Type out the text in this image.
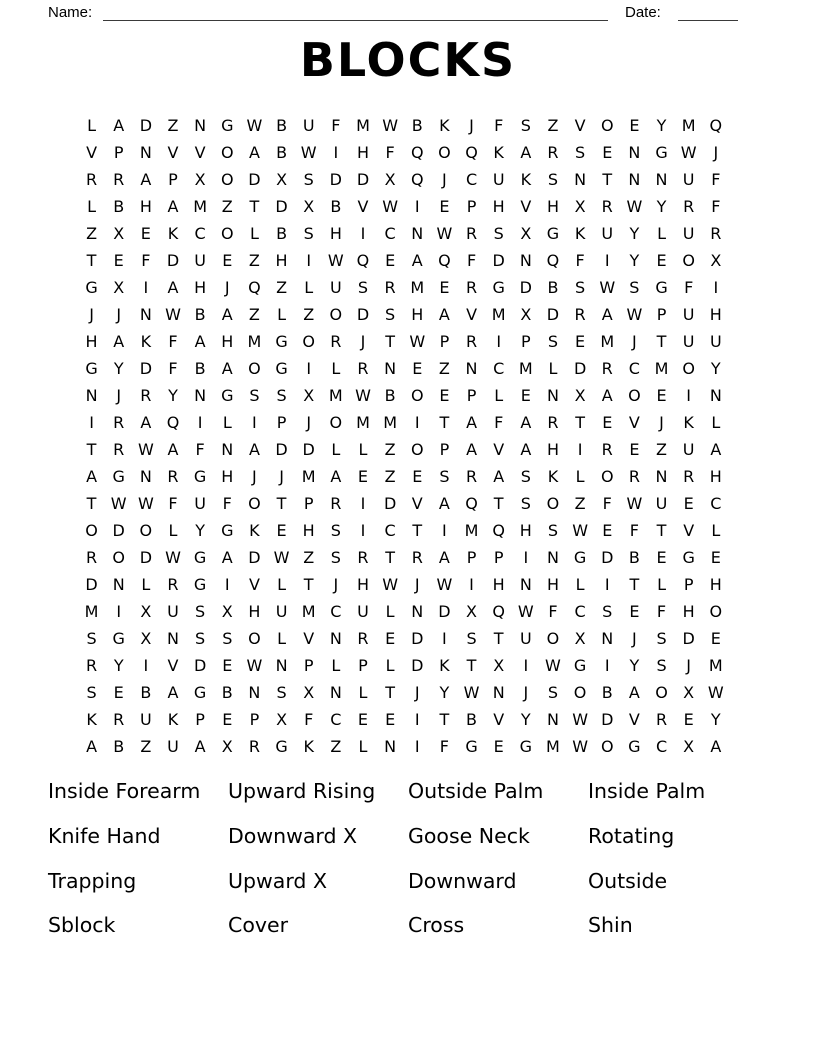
Name:	Date:
BLOCKS
L	A D Z N G W B U	F M W B	K	J	F	S	Z	V O E	Y M Q
V	P	N V	V O A	B W	I	H	F	Q O Q K	A	R	S	E	N G W	J
R	R	A	P	X O D X	S D D X Q	J	C U	K	S	N	T	N N U	F
L	B H A M Z	T	D X	B	V W	I	E	P	H V H X	R W Y	R	F
Z	X	E	K	C O	L	B	S	H	I	C N W R	S	X G K	U	Y	L	U R
T	E	F	D U	E	Z H	I	W Q E	A Q	F	D N Q	F	I	Y	E O X
G X	I	A H	J	Q Z	L	U	S	R M E	R G D B	S W S G	F	I
J	J	N W B	A	Z	L	Z O D S	H A	V M X D R	A W P	U H
H A	K	F	A H M G O R	J	T W P	R	I	P	S	E M	J	T	U U
G	Y	D	F	B	A O G	I	L	R N	E	Z N C M L	D R	C M O Y
N	J	R	Y	N G S	S	X M W B O E	P	L	E	N X	A O E	I	N
I	R	A Q	I	L	I	P	J	O M M	I	T	A	F	A	R	T	E	V	J	K	L
T	R W A	F	N A D D	L	L	Z O	P	A	V	A H	I	R	E	Z U A
A G N R G H	J	J	M A	E	Z	E	S	R	A	S	K	L	O R N R H
T W W F	U	F	O T	P	R	I	D V	A Q T	S O Z	F W U	E	C
O D O	L	Y	G K	E	H	S	I	C	T	I	M Q H	S W E	F	T	V	L
R O D W G A D W Z	S	R	T	R	A	P	P	I	N G D B	E G E
D N	L	R G	I	V	L	T	J	H W	J	W	I	H N H	L	I	T	L	P	H
M	I	X U	S	X H U M C U	L	N D X Q W F	C	S	E	F	H O
S G X N	S	S O	L	V N R	E D	I	S	T	U O X N	J	S D E
R	Y	I	V D E W N	P	L	P	L	D K	T	X	I	W G	I	Y	S	J	M
S	E	B	A G B N	S	X N	L	T	J	Y W N	J	S O B	A O X W
K	R U	K	P	E	P	X	F	C	E	E	I	T	B	V	Y	N W D V	R	E	Y
A	B	Z U A	X	R G K	Z	L	N	I	F	G E G M W O G C	X	A
Inside Forearm	Upward Rising	Outside Palm	Inside Palm
Knife Hand	Downward X	Goose Neck	Rotating
Trapping	Upward X	Downward	Outside
Sblock	Cover	Cross	Shin
